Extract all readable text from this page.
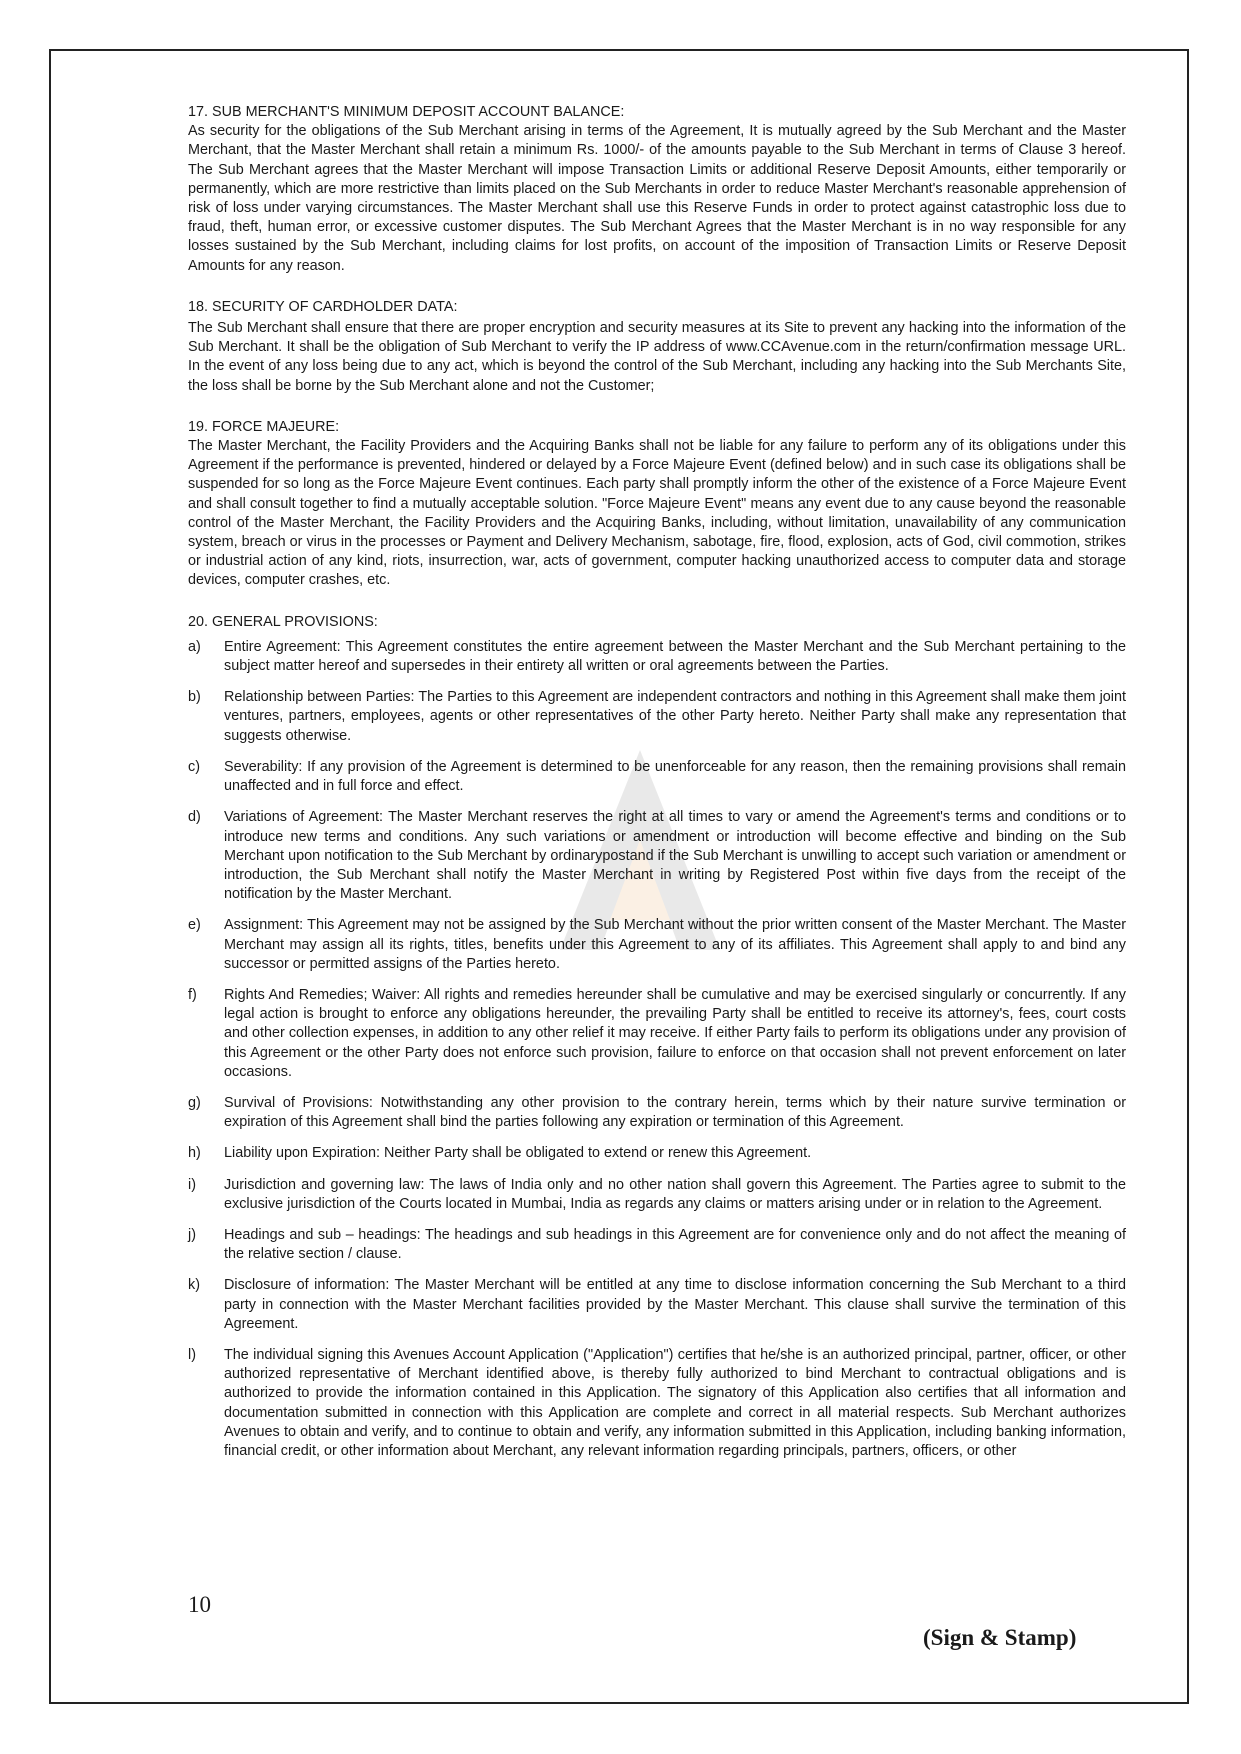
17. SUB MERCHANT'S MINIMUM DEPOSIT ACCOUNT BALANCE:

As security for the obligations of the Sub Merchant arising in terms of the Agreement, It is mutually agreed by the Sub Merchant and the Master Merchant, that the Master Merchant shall retain a minimum Rs. 1000/- of the amounts payable to the Sub Merchant in terms of Clause 3 hereof. The Sub Merchant agrees that the Master Merchant will impose Transaction Limits or additional Reserve Deposit Amounts, either temporarily or permanently, which are more restrictive than limits placed on the Sub Merchants in order to reduce Master Merchant's reasonable apprehension of risk of loss under varying circumstances. The Master Merchant shall use this Reserve Funds in order to protect against catastrophic loss due to fraud, theft, human error, or excessive customer disputes. The Sub Merchant Agrees that the Master Merchant is in no way responsible for any losses sustained by the Sub Merchant, including claims for lost profits, on account of the imposition of Transaction Limits or Reserve Deposit Amounts for any reason.

18. SECURITY OF CARDHOLDER DATA:

The Sub Merchant shall ensure that there are proper encryption and security measures at its Site to prevent any hacking into the information of the Sub Merchant. It shall be the obligation of Sub Merchant to verify the IP address of www.CCAvenue.com in the return/confirmation message URL. In the event of any loss being due to any act, which is beyond the control of the Sub Merchant, including any hacking into the Sub Merchants Site, the loss shall be borne by the Sub Merchant alone and not the Customer;

19. FORCE MAJEURE:

The Master Merchant, the Facility Providers and the Acquiring Banks shall not be liable for any failure to perform any of its obligations under this Agreement if the performance is prevented, hindered or delayed by a Force Majeure Event (defined below) and in such case its obligations shall be suspended for so long as the Force Majeure Event continues. Each party shall promptly inform the other of the existence of a Force Majeure Event and shall consult together to find a mutually acceptable solution. "Force Majeure Event" means any event due to any cause beyond the reasonable control of the Master Merchant, the Facility Providers and the Acquiring Banks, including, without limitation, unavailability of any communication system, breach or virus in the processes or Payment and Delivery Mechanism, sabotage, fire, flood, explosion, acts of God, civil commotion, strikes or industrial action of any kind, riots, insurrection, war, acts of government, computer hacking unauthorized access to computer data and storage devices, computer crashes, etc.

20. GENERAL PROVISIONS:

a)	Entire Agreement: This Agreement constitutes the entire agreement between the Master Merchant and the Sub Merchant pertaining to the subject matter hereof and supersedes in their entirety all written or oral agreements between the Parties.
b)	Relationship between Parties: The Parties to this Agreement are independent contractors and nothing in this Agreement shall make them joint ventures, partners, employees, agents or other representatives of the other Party hereto. Neither Party shall make any representation that suggests otherwise.
c)	Severability: If any provision of the Agreement is determined to be unenforceable for any reason, then the remaining provisions shall remain unaffected and in full force and effect.
d)	Variations of Agreement: The Master Merchant reserves the right at all times to vary or amend the Agreement's terms and conditions or to introduce new terms and conditions. Any such variations or amendment or introduction will become effective and binding on the Sub Merchant upon notification to the Sub Merchant by ordinarypostand if the Sub Merchant is unwilling to accept such variation or amendment or introduction, the Sub Merchant shall notify the Master Merchant in writing by Registered Post within five days from the receipt of the notification by the Master Merchant.
e)	Assignment: This Agreement may not be assigned by the Sub Merchant without the prior written consent of the Master Merchant. The Master Merchant may assign all its rights, titles, benefits under this Agreement to any of its affiliates. This Agreement shall apply to and bind any successor or permitted assigns of the Parties hereto.
f)	Rights And Remedies; Waiver: All rights and remedies hereunder shall be cumulative and may be exercised singularly or concurrently. If any legal action is brought to enforce any obligations hereunder, the prevailing Party shall be entitled to receive its attorney's, fees, court costs and other collection expenses, in addition to any other relief it may receive. If either Party fails to perform its obligations under any provision of this Agreement or the other Party does not enforce such provision, failure to enforce on that occasion shall not prevent enforcement on later occasions.
g)	Survival of Provisions: Notwithstanding any other provision to the contrary herein, terms which by their nature survive termination or expiration of this Agreement shall bind the parties following any expiration or termination of this Agreement.
h)	Liability upon Expiration: Neither Party shall be obligated to extend or renew this Agreement.
i)	Jurisdiction and governing law: The laws of India only and no other nation shall govern this Agreement. The Parties agree to submit to the exclusive jurisdiction of the Courts located in Mumbai, India as regards any claims or matters arising under or in relation to the Agreement.
j)	Headings and sub – headings: The headings and sub headings in this Agreement are for convenience only and do not affect the meaning of the relative section / clause.
k)	Disclosure of information: The Master Merchant will be entitled at any time to disclose information concerning the Sub Merchant to a third party in connection with the Master Merchant facilities provided by the Master Merchant. This clause shall survive the termination of this Agreement.
l)	The individual signing this Avenues Account Application ("Application") certifies that he/she is an authorized principal, partner, officer, or other authorized representative of Merchant identified above, is thereby fully authorized to bind Merchant to contractual obligations and is authorized to provide the information contained in this Application. The signatory of this Application also certifies that all information and documentation submitted in connection with this Application are complete and correct in all material respects. Sub Merchant authorizes Avenues to obtain and verify, and to continue to obtain and verify, any information submitted in this Application, including banking information, financial credit, or other information about Merchant, any relevant information regarding principals, partners, officers, or other
10
(Sign & Stamp)
